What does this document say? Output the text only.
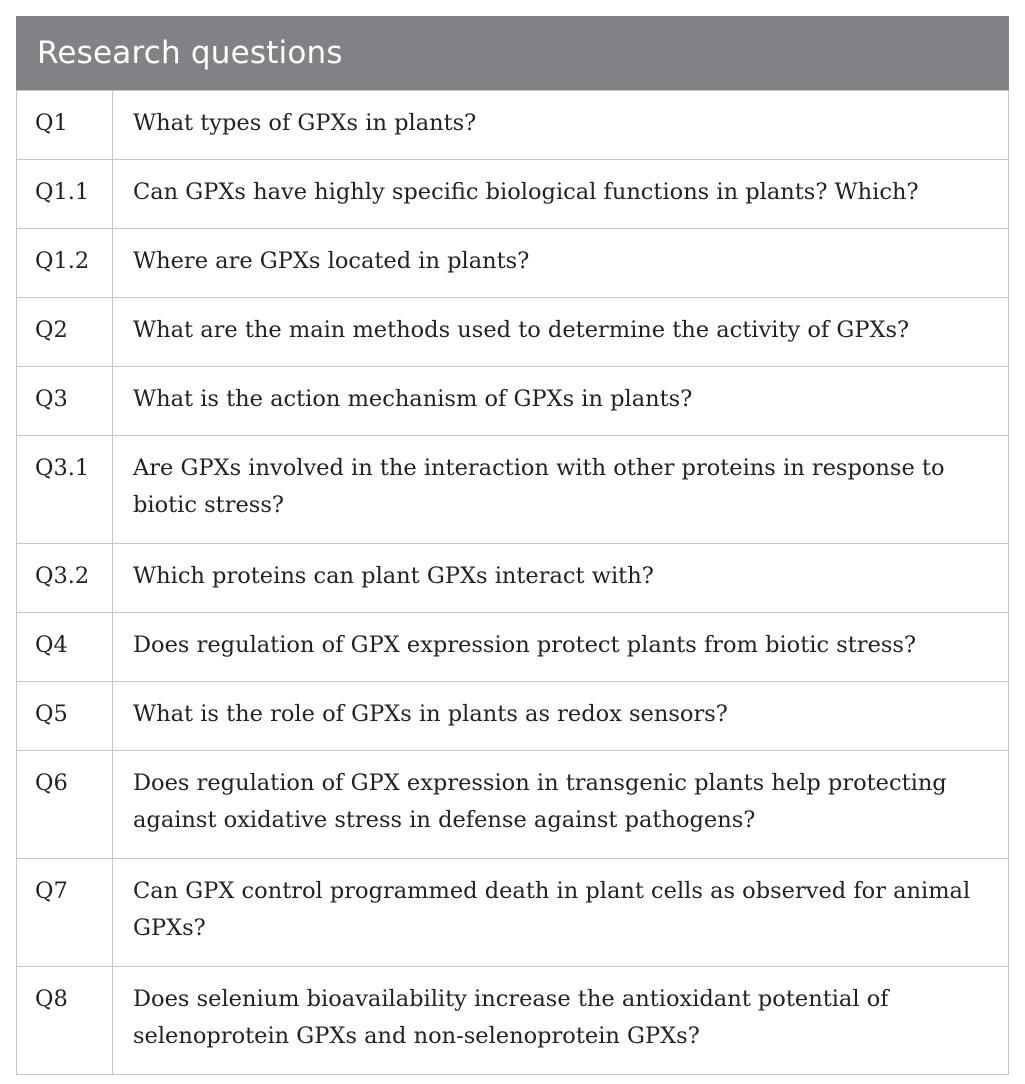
Research questions
Q1	What types of GPXs in plants?
Q1.1	Can GPXs have highly specific biological functions in plants? Which?
Q1.2	Where are GPXs located in plants?
Q2	What are the main methods used to determine the activity of GPXs?
Q3	What is the action mechanism of GPXs in plants?
Q3.1	Are GPXs involved in the interaction with other proteins in response to biotic stress?
Q3.2	Which proteins can plant GPXs interact with?
Q4	Does regulation of GPX expression protect plants from biotic stress?
Q5	What is the role of GPXs in plants as redox sensors?
Q6	Does regulation of GPX expression in transgenic plants help protecting against oxidative stress in defense against pathogens?
Q7	Can GPX control programmed death in plant cells as observed for animal GPXs?
Q8	Does selenium bioavailability increase the antioxidant potential of selenoprotein GPXs and non-selenoprotein GPXs?
